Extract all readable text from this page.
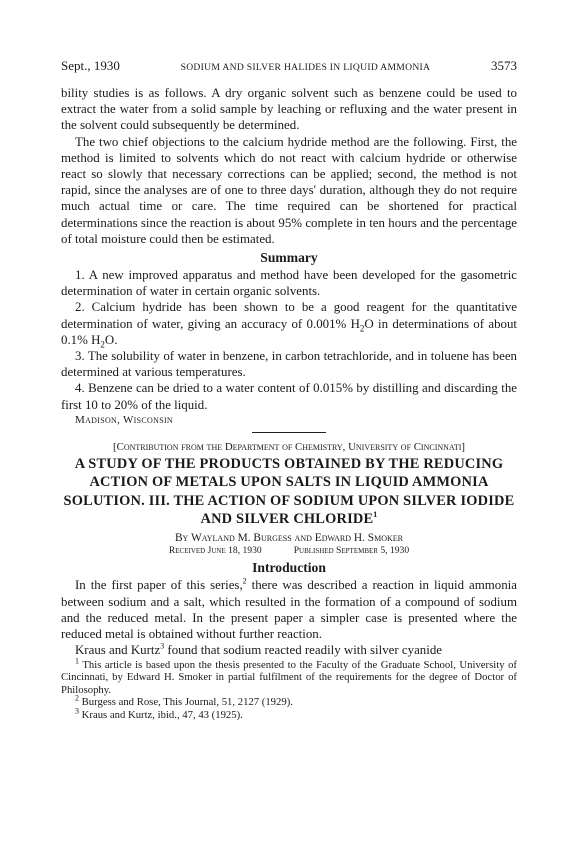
Sept., 1930	SODIUM AND SILVER HALIDES IN LIQUID AMMONIA	3573

bility studies is as follows. A dry organic solvent such as benzene could be used to extract the water from a solid sample by leaching or refluxing and the water present in the solvent could subsequently be determined.

The two chief objections to the calcium hydride method are the following. First, the method is limited to solvents which do not react with calcium hydride or otherwise react so slowly that necessary corrections can be applied; second, the method is not rapid, since the analyses are of one to three days' duration, although they do not require much actual time or care. The time required can be shortened for practical determinations since the reaction is about 95% complete in ten hours and the percentage of total moisture could then be estimated.

Summary

1. A new improved apparatus and method have been developed for the gasometric determination of water in certain organic solvents.

2. Calcium hydride has been shown to be a good reagent for the quantitative determination of water, giving an accuracy of 0.001% $H_2O$ in determinations of about 0.1% $H_2O$.

3. The solubility of water in benzene, in carbon tetrachloride, and in toluene has been determined at various temperatures.

4. Benzene can be dried to a water content of 0.015% by distilling and discarding the first 10 to 20% of the liquid.

Madison, Wisconsin
[Contribution from the Department of Chemistry, University of Cincinnati]
A STUDY OF THE PRODUCTS OBTAINED BY THE REDUCING ACTION OF METALS UPON SALTS IN LIQUID AMMONIA SOLUTION. III. THE ACTION OF SODIUM UPON SILVER IODIDE AND SILVER CHLORIDE$^1$
By Wayland M. Burgess and Edward H. Smoker
Received June 18, 1930	Published September 5, 1930
Introduction

In the first paper of this series,$^2$ there was described a reaction in liquid ammonia between sodium and a salt, which resulted in the formation of a compound of sodium and the reduced metal. In the present paper a simpler case is presented where the reduced metal is obtained without further reaction.

Kraus and Kurtz$^3$ found that sodium reacted readily with silver cyanide

$^1$ This article is based upon the thesis presented to the Faculty of the Graduate School, University of Cincinnati, by Edward H. Smoker in partial fulfilment of the requirements for the degree of Doctor of Philosophy.

$^2$ Burgess and Rose, This Journal, 51, 2127 (1929).

$^3$ Kraus and Kurtz, ibid., 47, 43 (1925).
